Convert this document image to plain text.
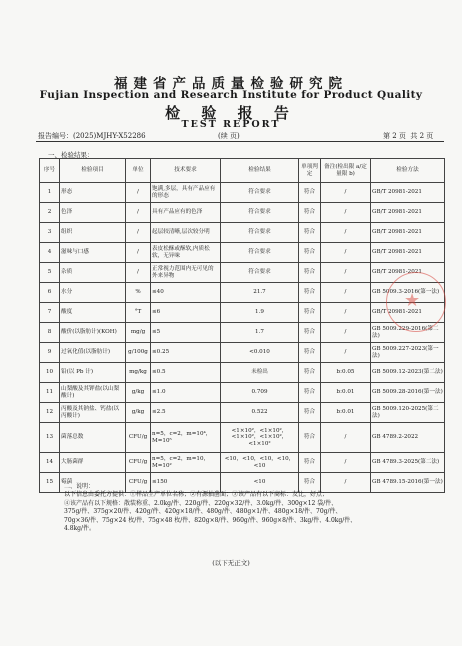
福建省产品质量检验研究院
Fujian Inspection and Research Institute for Product Quality
检 验 报 告
TEST REPORT
报告编号：(2025)MJHY-X52286	(续 页)	第 2 页 共 2 页
一、检验结果：
序号	检验项目	单位	技术要求	检验结果	单项判定	备注(检出限 a/定量限 b)	检验方法
1	形态	/	饱满,多层，具有产品应有的形态	符合要求	符合	/	GB/T 20981-2021
2	色泽	/	具有产品应有的色泽	符合要求	符合	/	GB/T 20981-2021
3	组织	/	起层较清晰,层次较分明	符合要求	符合	/	GB/T 20981-2021
4	滋味与口感	/	表皮松酥或酥软,内质松软，无异味	符合要求	符合	/	GB/T 20981-2021
5	杂质	/	正常视力范围内无可见的外来异物	符合要求	符合	/	GB/T 20981-2021
6	水分	%	≤40	21.7	符合	/	GB 5009.3-2016(第一法)
7	酸度	°T	≤6	1.9	符合	/	GB/T 20981-2021
8	酸价(以脂肪计)(KOH)	mg/g	≤5	1.7	符合	/	GB 5009.229-2016(第二法)
9	过氧化值(以脂肪计)	g/100g	≤0.25	<0.010	符合	/	GB 5009.227-2023(第一法)
10	铅(以 Pb 计)	mg/kg	≤0.5	未检出	符合	b:0.05	GB 5009.12-2023(第二法)
11	山梨酸及其钾盐(以山梨酸计)	g/kg	≤1.0	0.709	符合	b:0.01	GB 5009.28-2016(第一法)
12	丙酸及其钠盐、钙盐(以丙酸计)	g/kg	≤2.5	0.522	符合	b:0.01	GB 5009.120-2025(第二法)
13	菌落总数	CFU/g	n=5，c=2，m=10⁴，M=10⁵	<1×10²，<1×10²，<1×10²，<1×10²，<1×10²	符合	/	GB 4789.2-2022
14	大肠菌群	CFU/g	n=5，c=2，m=10，M=10²	<10，<10，<10，<10，<10	符合	/	GB 4789.3-2025(第二法)
15	霉菌	CFU/g	≤150	<10	符合	/	GB 4789.15-2016(第一法)
★
二、说明：
以下信息由委托方提供：①样品生产单位名称；②有源抽凿面；③该产品有以下商标：友比，好点；
④该产品有以下规格：散装称重、2.0kg/件、220g/件、220g×32/件、3.0kg/件、300g×12 袋/件、
375g/件、375g×20/件、420g/件、420g×18/件、480g/件、480g×1/件、480g×18/件、70g/件、
70g×36/件、75g×24 枚/件、75g×48 枚/件、820g×8/件、960g/件、960g×8/件、3kg/件、4.0kg/件、
4.8kg/件。
(以下无正文)
